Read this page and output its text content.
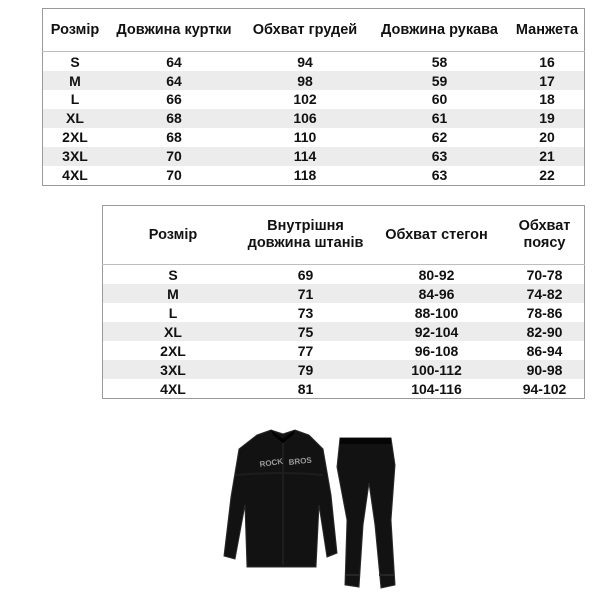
Розмір	Довжина куртки	Обхват грудей	Довжина рукава	Манжета
S	64	94	58	16
M	64	98	59	17
L	66	102	60	18
XL	68	106	61	19
2XL	68	110	62	20
3XL	70	114	63	21
4XL	70	118	63	22
Розмір	Внутрішня довжина штанів	Обхват стегон	Обхват поясу
S	69	80-92	70-78
M	71	84-96	74-82
L	73	88-100	78-86
XL	75	92-104	82-90
2XL	77	96-108	86-94
3XL	79	100-112	90-98
4XL	81	104-116	94-102
ROCK BROS
